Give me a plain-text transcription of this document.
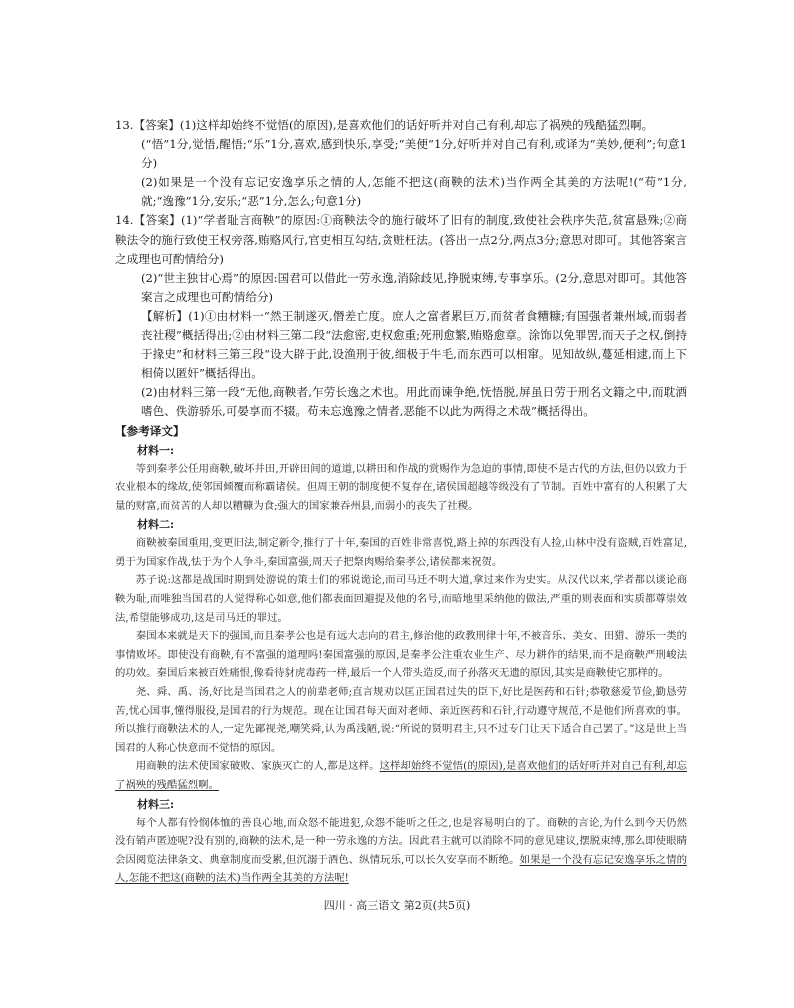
13.【答案】(1)这样却始终不觉悟(的原因),是喜欢他们的话好听并对自己有利,却忘了祸殃的残酷猛烈啊。

(“悟”1分,觉悟,醒悟;“乐”1分,喜欢,感到快乐,享受;“美便”1分,好听并对自己有利,或译为“美妙,便利”;句意1分)

(2)如果是一个没有忘记安逸享乐之情的人,怎能不把这(商鞅的法术)当作两全其美的方法呢!(“苟”1分,就;“逸豫”1分,安乐;“恶”1分,怎么;句意1分)

14.【答案】(1)“学者耻言商鞅”的原因:①商鞅法令的施行破坏了旧有的制度,致使社会秩序失范,贫富悬殊;②商鞅法令的施行致使王权旁落,贿赂风行,官吏相互勾结,贪赃枉法。(答出一点2分,两点3分;意思对即可。其他答案言之成理也可酌情给分)

(2)“世主独甘心焉”的原因:国君可以借此一劳永逸,消除歧见,挣脱束缚,专事享乐。(2分,意思对即可。其他答案言之成理也可酌情给分)

【解析】(1)①由材料一“然王制遂灭,僭差亡度。庶人之富者累巨万,而贫者食糟糠;有国强者兼州域,而弱者丧社稷”概括得出;②由材料三第二段“法愈密,吏权愈重;死刑愈繁,贿赂愈章。涂饰以免罪罟,而天子之权,倒持于掾史”和材料三第三段“设大辟于此,设渔刑于彼,细极于牛毛,而东西可以相窜。见知故纵,蔓延相逮,而上下相倚以匿奸”概括得出。

(2)由材料三第一段“无他,商鞅者,乍劳长逸之术也。用此而谏争绝,怃悟脱,屏虽日劳于刑名文籍之中,而耽酒嗜色、佚游骄乐,可晏享而不辍。苟未忘逸豫之情者,恶能不以此为两得之术哉”概括得出。

【参考译文】

材料一:

等到秦孝公任用商鞅,破坏井田,开辟田间的道道,以耕田和作战的赏赐作为急迫的事情,即使不是古代的方法,但仍以致力于农业根本的缘故,使邻国倾覆而称霸诸侯。但周王朝的制度便不复存在,诸侯国超越等级没有了节制。百姓中富有的人积累了大量的财富,而贫苦的人却以糟糠为食;强大的国家兼吞州县,而弱小的丧失了社稷。

材料二:

商鞅被秦国重用,变更旧法,制定新令,推行了十年,秦国的百姓非常喜悦,路上掉的东西没有人捡,山林中没有盗贼,百姓富足,勇于为国家作战,怯于为个人争斗,秦国富强,周天子把祭肉赐给秦孝公,诸侯都来祝贺。

苏子说:这都是战国时期到处游说的策士们的邪说诡论,而司马迁不明大道,拿过来作为史实。从汉代以来,学者都以谈论商鞅为耻,而唯独当国君的人觉得称心如意,他们都表面回避提及他的名号,而暗地里采纳他的做法,严重的则表面和实质都尊崇效法,希望能够成功,这是司马迁的罪过。

秦国本来就是天下的强国,而且秦孝公也是有远大志向的君主,修治他的政教刑律十年,不被音乐、美女、田猎、游乐一类的事情败坏。即使没有商鞅,有不富强的道理吗!秦国富强的原因,是秦孝公注重农业生产、尽力耕作的结果,而不是商鞅严刑峻法的功效。秦国后来被百姓痛恨,像看待豺虎毒药一样,最后一个人带头造反,而子孙落灭无遗的原因,其实是商鞅使它那样的。

尧、舜、禹、汤,好比是当国君之人的前辈老师;直言规劝以匡正国君过失的臣下,好比是医药和石针;恭敬慈爱节俭,勤恳劳苦,忧心国事,懂得服役,是国君的行为规范。现在让国君每天面对老师、亲近医药和石针,行动遵守规范,不是他们所喜欢的事。所以推行商鞅法术的人,一定先鄙视尧,嘲笑舜,认为禹浅陋,说:“所说的贤明君主,只不过专门让天下适合自己罢了。”这是世上当国君的人称心快意而不觉悟的原因。

用商鞅的法术使国家破败、家族灭亡的人,都是这样。这样却始终不觉悟(的原因),是喜欢他们的话好听并对自己有利,却忘了祸殃的残酷猛烈啊。

材料三:

每个人都有怜悯体恤的善良心地,而众怒不能进犯,众怨不能听之任之,也是容易明白的了。商鞅的言论,为什么到今天仍然没有销声匿迹呢?没有别的,商鞅的法术,是一种一劳永逸的方法。因此君主就可以消除不同的意见建议,摆脱束缚,那么即使眼睛会因阅览法律条文、典章制度而受累,但沉溺于酒色、纵情玩乐,可以长久安享而不断绝。如果是一个没有忘记安逸享乐之情的人,怎能不把这(商鞅的法术)当作两全其美的方法呢!

四川 · 高三语文 第2页(共5页)
